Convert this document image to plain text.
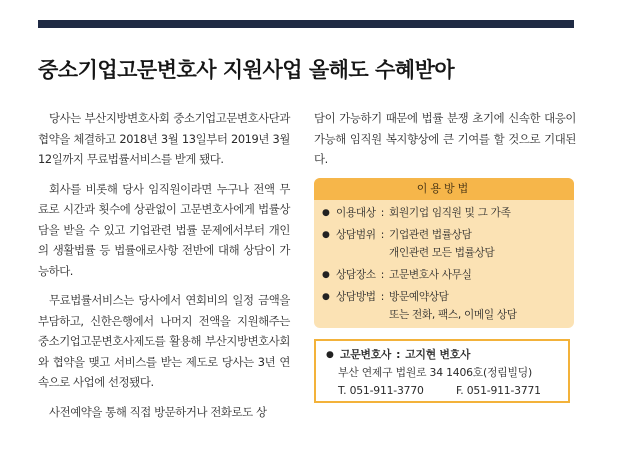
중소기업고문변호사 지원사업 올해도 수혜받아

당사는 부산지방변호사회 중소기업고문변호사단과 협약을 체결하고 2018년 3월 13일부터 2019년 3월 12일까지 무료법률서비스를 받게 됐다.

회사를 비롯해 당사 임직원이라면 누구나 전액 무료로 시간과 횟수에 상관없이 고문변호사에게 법률상담을 받을 수 있고 기업관련 법률 문제에서부터 개인의 생활법률 등 법률애로사항 전반에 대해 상담이 가능하다.

무료법률서비스는 당사에서 연회비의 일정 금액을 부담하고, 신한은행에서 나머지 전액을 지원해주는 중소기업고문변호사제도를 활용해 부산지방변호사회와 협약을 맺고 서비스를 받는 제도로 당사는 3년 연속으로 사업에 선정됐다.

사전예약을 통해 직접 방문하거나 전화로도 상

담이 가능하기 때문에 법률 분쟁 초기에 신속한 대응이 가능해 임직원 복지향상에 큰 기여를 할 것으로 기대된다.

이용방법
● 이용대상 : 회원기업 임직원 및 그 가족
● 상담범위 : 기업관련 법률상담
개인관련 모든 법률상담
● 상담장소 : 고문변호사 사무실
● 상담방법 : 방문예약상담
또는 전화, 팩스, 이메일 상담
● 고문변호사 : 고지현 변호사
부산 연제구 법원로 34 1406호(정림빌딩)
T. 051-911-3770	F. 051-911-3771
